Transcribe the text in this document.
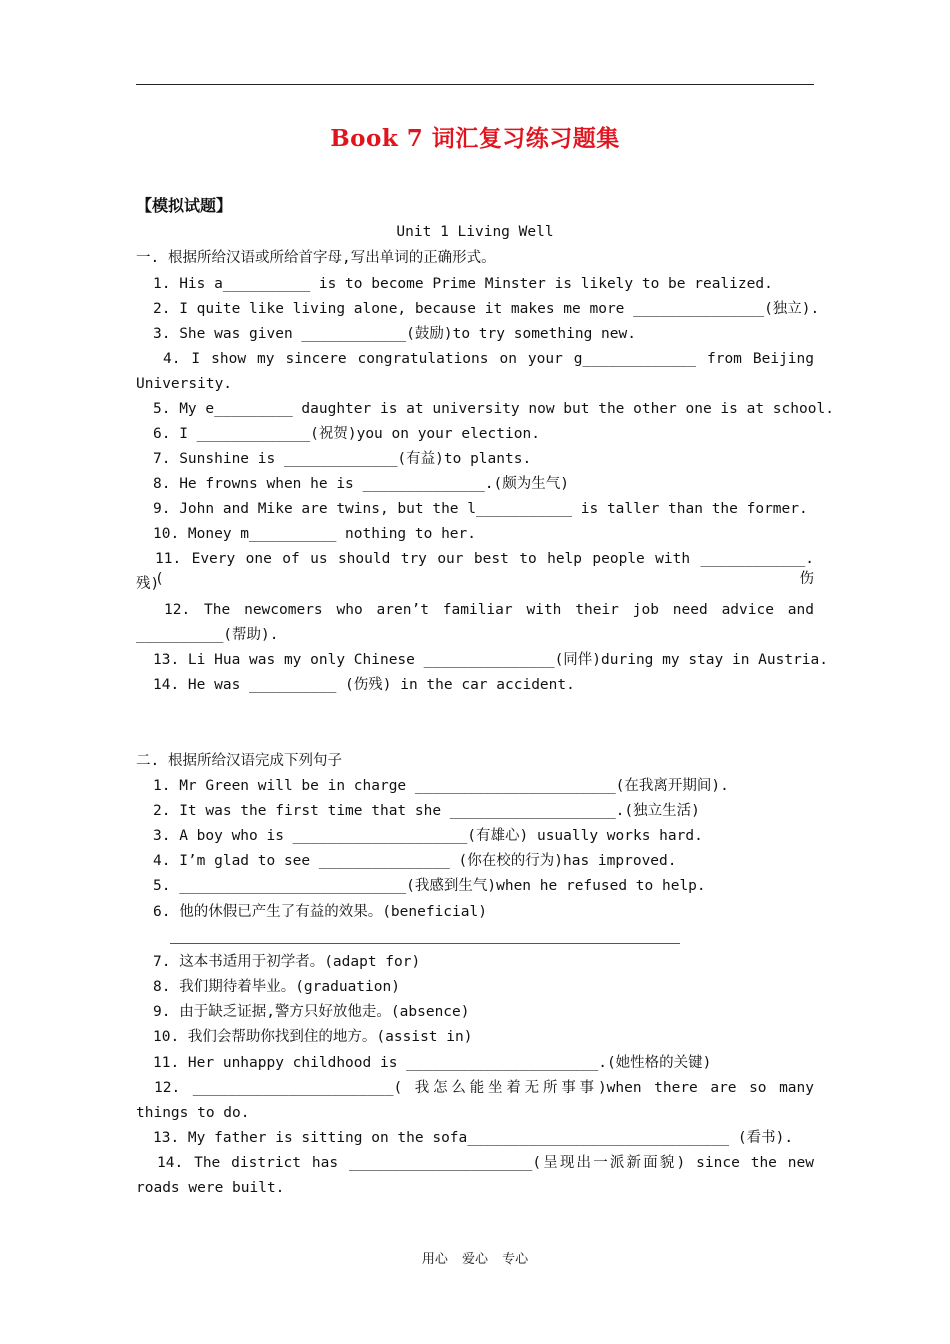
Book 7 词汇复习练习题集
【模拟试题】
Unit 1 Living Well
一. 根据所给汉语或所给首字母,写出单词的正确形式。
1. His a__________ is to become Prime Minster is likely to be realized.
2. I quite like living alone, because it makes me more _______________(独立).
3. She was given ____________(鼓励)to try something new.
4. I show my sincere congratulations on your g_____________ from Beijing
University.
5. My e_________ daughter is at university now but the other one is at school.
6. I _____________(祝贺)you on your election.
7. Sunshine is _____________(有益)to plants.
8. He frowns when he is ______________.(颇为生气)
9. John and Mike are twins, but the l___________ is taller than the former.
10. Money m__________ nothing to her.
11. Every one of us should try our best to help people with ____________.(伤
残)
12. The newcomers who aren’t familiar with their job need advice and
__________(帮助).
13. Li Hua was my only Chinese _______________(同伴)during my stay in Austria.
14. He was __________ (伤残) in the car accident.
二. 根据所给汉语完成下列句子
1. Mr Green will be in charge _______________________(在我离开期间).
2. It was the first time that she ___________________.(独立生活)
3. A boy who is ____________________(有雄心) usually works hard.
4. I’m glad to see _______________ (你在校的行为)has improved.
5. __________________________(我感到生气)when he refused to help.
6. 他的休假已产生了有益的效果。(beneficial)
7. 这本书适用于初学者。(adapt for)
8. 我们期待着毕业。(graduation)
9. 由于缺乏证据,警方只好放他走。(absence)
10. 我们会帮助你找到住的地方。(assist in)
11. Her unhappy childhood is ______________________.(她性格的关键)
12. _______________________( 我怎么能坐着无所事事)when there are so many
things to do.
13. My father is sitting on the sofa______________________________ (看书).
14. The district has _____________________(呈现出一派新面貌) since the new
roads were built.
用心 爱心 专心
